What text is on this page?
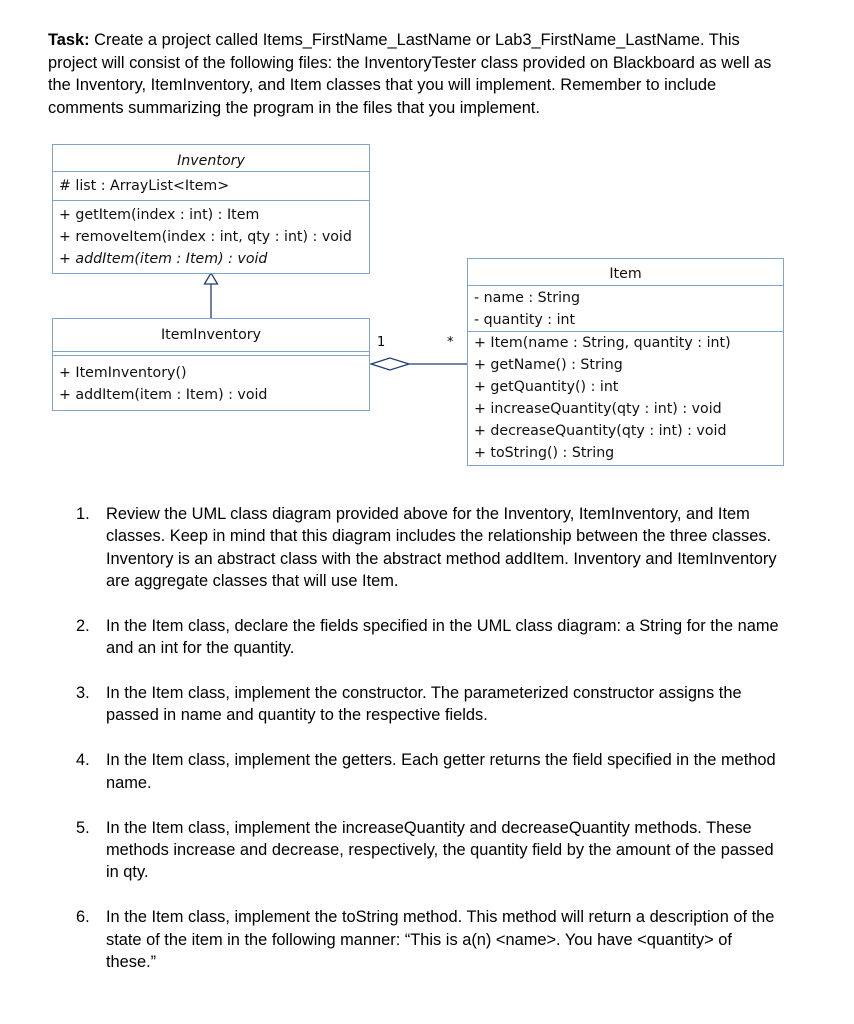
Task: Create a project called Items_FirstName_LastName or Lab3_FirstName_LastName. This project will consist of the following files: the InventoryTester class provided on Blackboard as well as the Inventory, ItemInventory, and Item classes that you will implement. Remember to include comments summarizing the program in the files that you implement.
Inventory
# list : ArrayList<Item>
+ getItem(index : int) : Item
+ removeItem(index : int, qty : int) : void
+ addItem(item : Item) : void
ItemInventory
+ ItemInventory()
+ addItem(item : Item) : void
1	*
Item
- name : String
- quantity : int
+ Item(name : String, quantity : int)
+ getName() : String
+ getQuantity() : int
+ increaseQuantity(qty : int) : void
+ decreaseQuantity(qty : int) : void
+ toString() : String
1. Review the UML class diagram provided above for the Inventory, ItemInventory, and Item classes. Keep in mind that this diagram includes the relationship between the three classes. Inventory is an abstract class with the abstract method addItem. Inventory and ItemInventory are aggregate classes that will use Item.
2. In the Item class, declare the fields specified in the UML class diagram: a String for the name and an int for the quantity.
3. In the Item class, implement the constructor. The parameterized constructor assigns the passed in name and quantity to the respective fields.
4. In the Item class, implement the getters. Each getter returns the field specified in the method name.
5. In the Item class, implement the increaseQuantity and decreaseQuantity methods. These methods increase and decrease, respectively, the quantity field by the amount of the passed in qty.
6. In the Item class, implement the toString method. This method will return a description of the state of the item in the following manner: “This is a(n) <name>. You have <quantity> of these.”
